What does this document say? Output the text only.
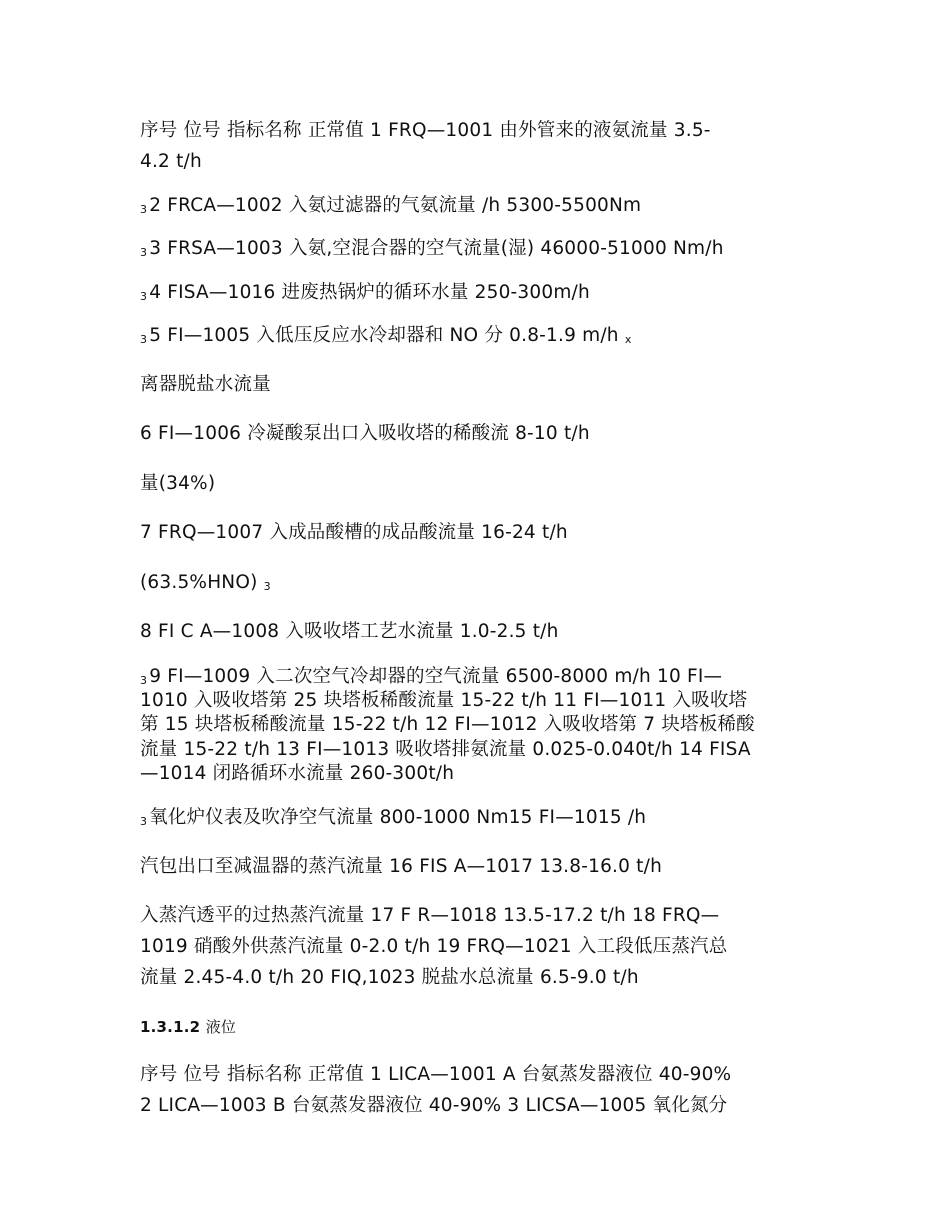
序号 位号 指标名称 正常值 1 FRQ—1001 由外管来的液氨流量 3.5-
4.2 t/h
3 2 FRCA—1002 入氨过滤器的气氨流量 /h 5300-5500Nm
3 3 FRSA—1003 入氨,空混合器的空气流量(湿) 46000-51000 Nm/h
3 4 FISA—1016 进废热锅炉的循环水量 250-300m/h
3 5 FI—1005 入低压反应水冷却器和 NO 分 0.8-1.9 m/h x
离器脱盐水流量
6 FI—1006 冷凝酸泵出口入吸收塔的稀酸流 8-10 t/h
量(34%)
7 FRQ—1007 入成品酸槽的成品酸流量 16-24 t/h
(63.5%HNO) 3
8 FI C A—1008 入吸收塔工艺水流量 1.0-2.5 t/h
3 9 FI—1009 入二次空气冷却器的空气流量 6500-8000 m/h 10 FI—
1010 入吸收塔第 25 块塔板稀酸流量 15-22 t/h 11 FI—1011 入吸收塔
第 15 块塔板稀酸流量 15-22 t/h 12 FI—1012 入吸收塔第 7 块塔板稀酸
流量 15-22 t/h 13 FI—1013 吸收塔排氨流量 0.025-0.040t/h 14 FISA
—1014 闭路循环水流量 260-300t/h
3 氧化炉仪表及吹净空气流量 800-1000 Nm15 FI—1015 /h
汽包出口至减温器的蒸汽流量 16 FIS A—1017 13.8-16.0 t/h
入蒸汽透平的过热蒸汽流量 17 F R—1018 13.5-17.2 t/h 18 FRQ—
1019 硝酸外供蒸汽流量 0-2.0 t/h 19 FRQ—1021 入工段低压蒸汽总
流量 2.45-4.0 t/h 20 FIQ,1023 脱盐水总流量 6.5-9.0 t/h
1.3.1.2 液位
序号 位号 指标名称 正常值 1 LICA—1001 A 台氨蒸发器液位 40-90%
2 LICA—1003 B 台氨蒸发器液位 40-90% 3 LICSA—1005 氧化氮分
